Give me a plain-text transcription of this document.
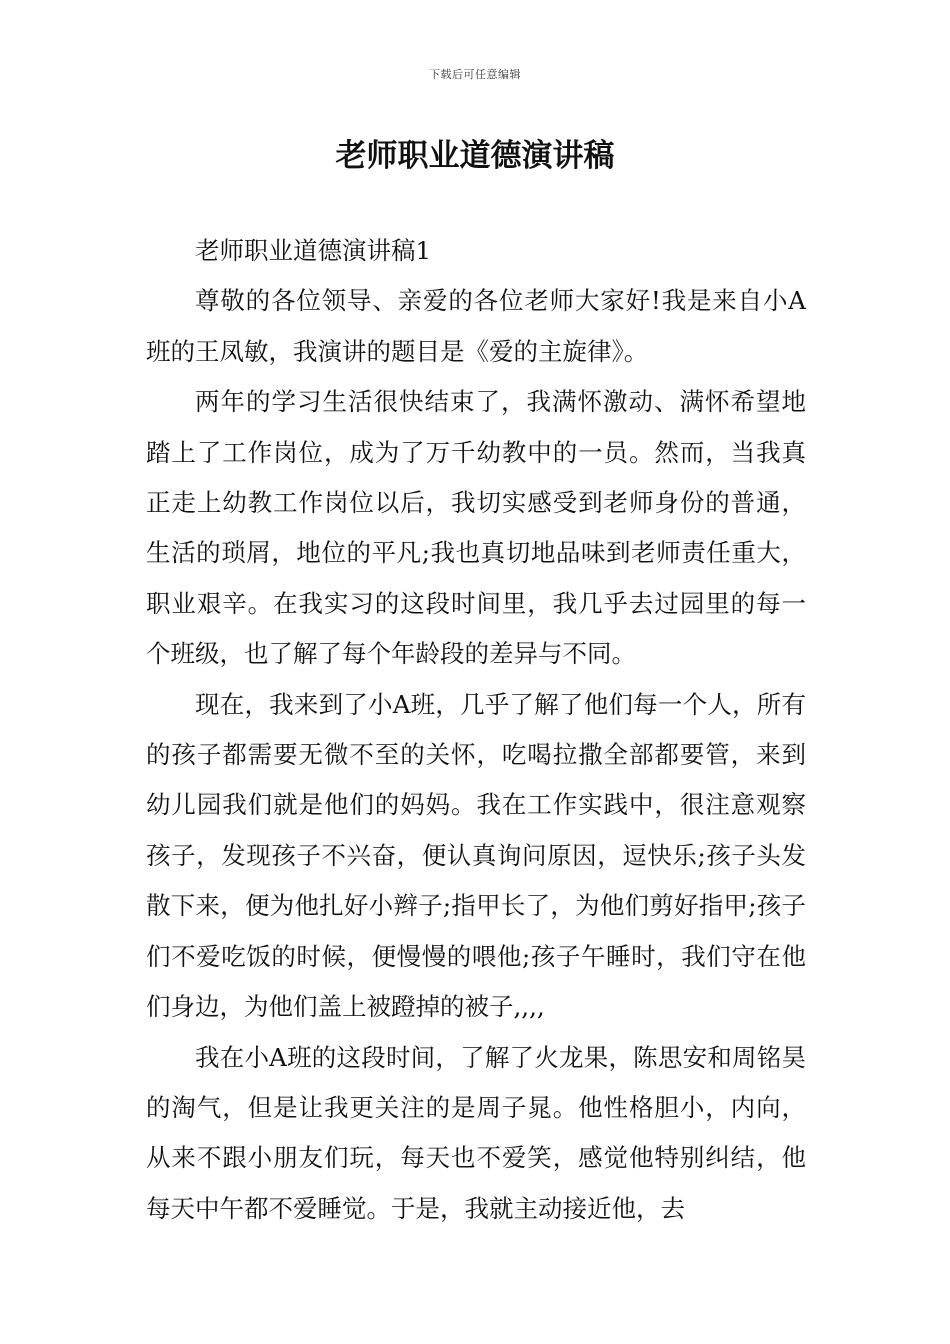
下载后可任意编辑
老师职业道德演讲稿

老师职业道德演讲稿1

尊敬的各位领导、亲爱的各位老师大家好!我是来自小A班的王凤敏，我演讲的题目是《爱的主旋律》。

两年的学习生活很快结束了，我满怀激动、满怀希望地踏上了工作岗位，成为了万千幼教中的一员。然而，当我真正走上幼教工作岗位以后，我切实感受到老师身份的普通，生活的琐屑，地位的平凡;我也真切地品味到老师责任重大，职业艰辛。在我实习的这段时间里，我几乎去过园里的每一个班级，也了解了每个年龄段的差异与不同。

现在，我来到了小A班，几乎了解了他们每一个人，所有的孩子都需要无微不至的关怀，吃喝拉撒全部都要管，来到幼儿园我们就是他们的妈妈。我在工作实践中，很注意观察孩子，发现孩子不兴奋，便认真询问原因，逗快乐;孩子头发散下来，便为他扎好小辫子;指甲长了，为他们剪好指甲;孩子们不爱吃饭的时候，便慢慢的喂他;孩子午睡时，我们守在他们身边，为他们盖上被蹬掉的被子,,,,

我在小A班的这段时间，了解了火龙果，陈思安和周铭昊的淘气，但是让我更关注的是周子晁。他性格胆小，内向，从来不跟小朋友们玩，每天也不爱笑，感觉他特别纠结，他每天中午都不爱睡觉。于是，我就主动接近他，去
